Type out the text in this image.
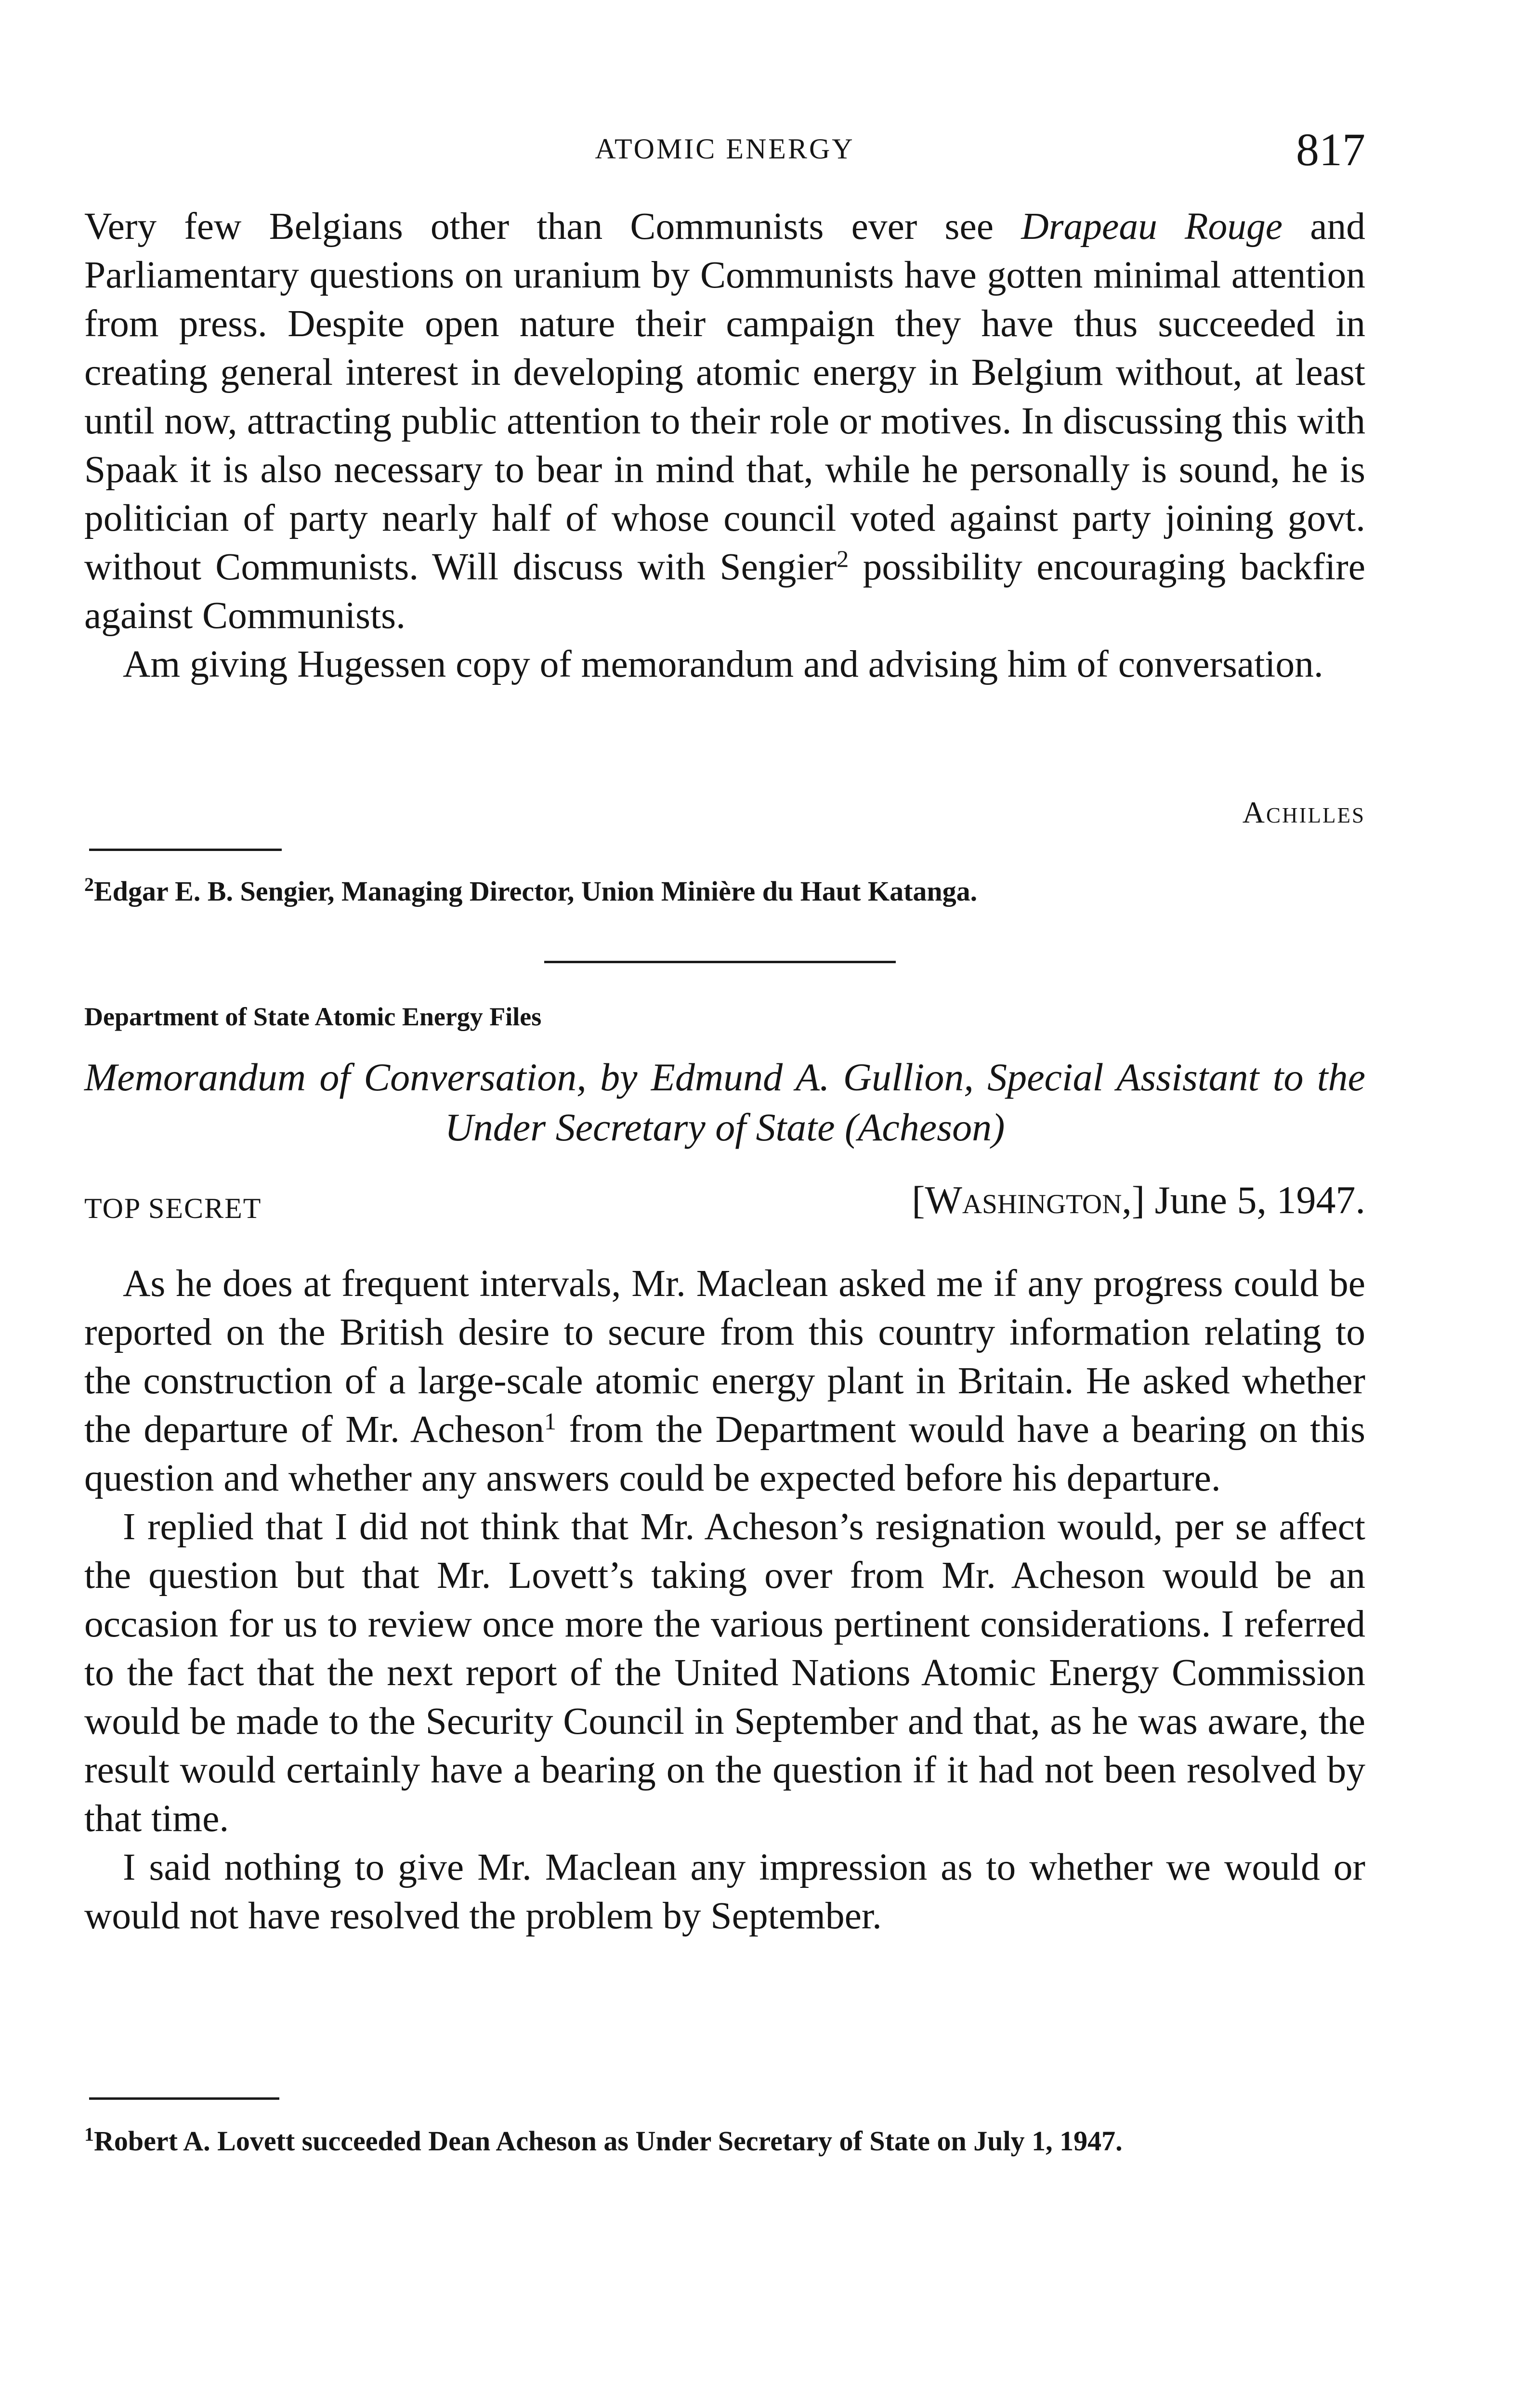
ATOMIC ENERGY	817

Very few Belgians other than Communists ever see Drapeau Rouge and Parliamentary questions on uranium by Communists have gotten minimal attention from press. Despite open nature their campaign they have thus succeeded in creating general interest in developing atomic energy in Belgium without, at least until now, attracting public attention to their role or motives. In discussing this with Spaak it is also necessary to bear in mind that, while he personally is sound, he is politician of party nearly half of whose council voted against party joining govt. without Communists. Will discuss with Sengier$^2$ possibility encouraging backfire against Communists.

Am giving Hugessen copy of memorandum and advising him of conversation.

Achilles
$^2$Edgar E. B. Sengier, Managing Director, Union Minière du Haut Katanga.
Department of State Atomic Energy Files
Memorandum of Conversation, by Edmund A. Gullion, Special Assistant to the Under Secretary of State (Acheson)
TOP SECRET	[Washington,] June 5, 1947.

As he does at frequent intervals, Mr. Maclean asked me if any progress could be reported on the British desire to secure from this country information relating to the construction of a large-scale atomic energy plant in Britain. He asked whether the departure of Mr. Acheson$^1$ from the Department would have a bearing on this question and whether any answers could be expected before his departure.

I replied that I did not think that Mr. Acheson’s resignation would, per se affect the question but that Mr. Lovett’s taking over from Mr. Acheson would be an occasion for us to review once more the various pertinent considerations. I referred to the fact that the next report of the United Nations Atomic Energy Commission would be made to the Security Council in September and that, as he was aware, the result would certainly have a bearing on the question if it had not been resolved by that time.

I said nothing to give Mr. Maclean any impression as to whether we would or would not have resolved the problem by September.

$^1$Robert A. Lovett succeeded Dean Acheson as Under Secretary of State on July 1, 1947.
